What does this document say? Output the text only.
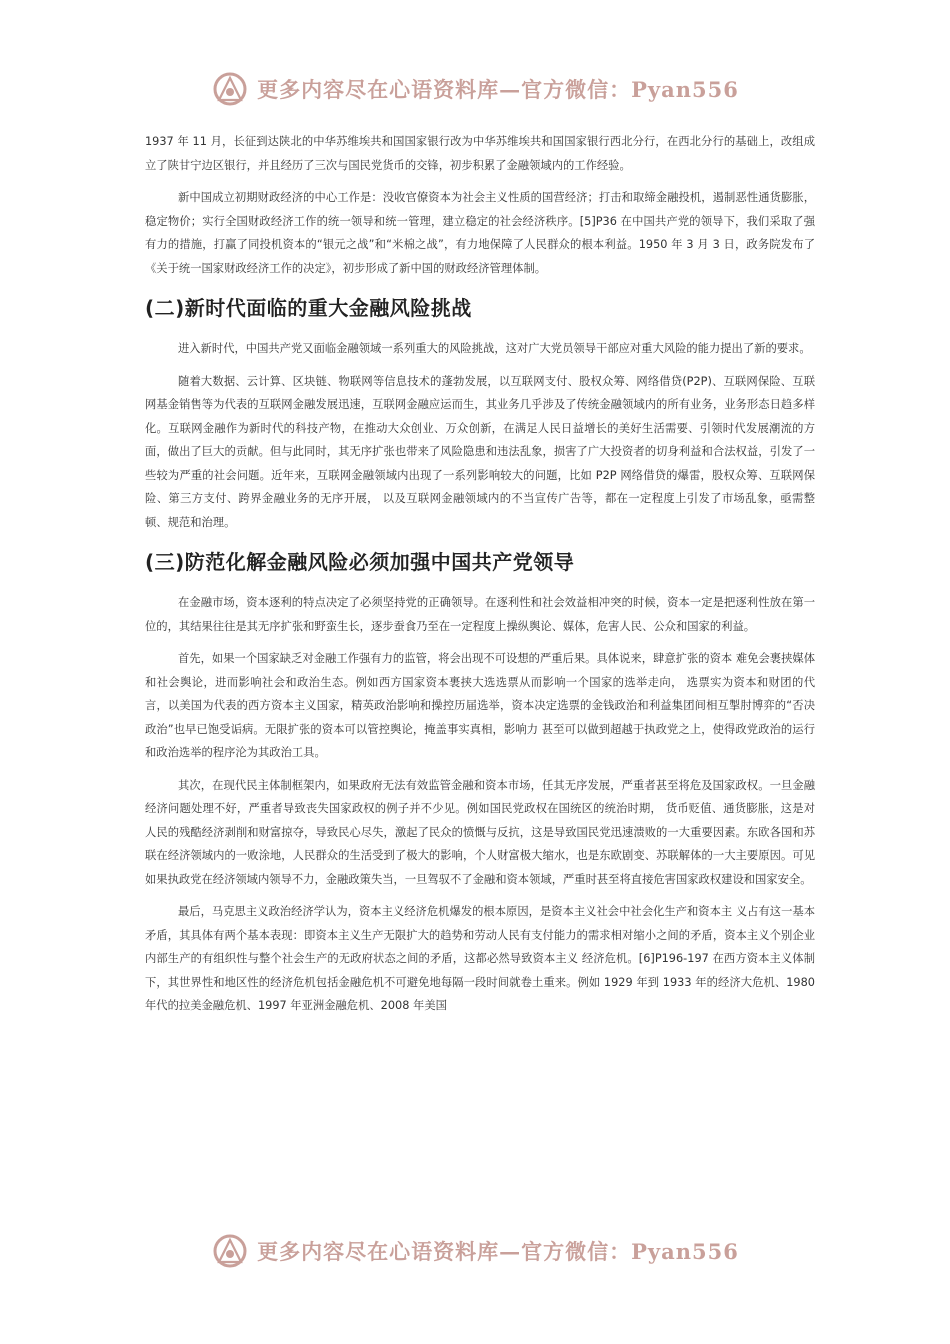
更多内容尽在心语资料库—官方微信：Pyan556

1937 年 11 月，长征到达陕北的中华苏维埃共和国国家银行改为中华苏维埃共和国国家银行西北分行，在西北分行的基础上，改组成立了陕甘宁边区银行，并且经历了三次与国民党货币的交锋，初步积累了金融领域内的工作经验。

新中国成立初期财政经济的中心工作是：没收官僚资本为社会主义性质的国营经济；打击和取缔金融投机，遏制恶性通货膨胀，稳定物价；实行全国财政经济工作的统一领导和统一管理，建立稳定的社会经济秩序。[5]P36 在中国共产党的领导下，我们采取了强有力的措施，打赢了同投机资本的“银元之战”和“米棉之战”，有力地保障了人民群众的根本利益。1950 年 3 月 3 日，政务院发布了《关于统一国家财政经济工作的决定》，初步形成了新中国的财政经济管理体制。

(二)新时代面临的重大金融风险挑战

进入新时代，中国共产党又面临金融领域一系列重大的风险挑战，这对广大党员领导干部应对重大风险的能力提出了新的要求。

随着大数据、云计算、区块链、物联网等信息技术的蓬勃发展，以互联网支付、股权众筹、网络借贷(P2P)、互联网保险、互联网基金销售等为代表的互联网金融发展迅速，互联网金融应运而生，其业务几乎涉及了传统金融领域内的所有业务，业务形态日趋多样化。互联网金融作为新时代的科技产物，在推动大众创业、万众创新，在满足人民日益增长的美好生活需要、引领时代发展潮流的方面，做出了巨大的贡献。但与此同时，其无序扩张也带来了风险隐患和违法乱象，损害了广大投资者的切身利益和合法权益，引发了一些较为严重的社会问题。近年来，互联网金融领域内出现了一系列影响较大的问题，比如 P2P 网络借贷的爆雷，股权众筹、互联网保险、第三方支付、跨界金融业务的无序开展， 以及互联网金融领域内的不当宣传广告等，都在一定程度上引发了市场乱象，亟需整顿、规范和治理。

(三)防范化解金融风险必须加强中国共产党领导

在金融市场，资本逐利的特点决定了必须坚持党的正确领导。在逐利性和社会效益相冲突的时候，资本一定是把逐利性放在第一位的，其结果往往是其无序扩张和野蛮生长，逐步蚕食乃至在一定程度上操纵舆论、媒体，危害人民、公众和国家的利益。

首先，如果一个国家缺乏对金融工作强有力的监管，将会出现不可设想的严重后果。具体说来，肆意扩张的资本 难免会裹挟媒体和社会舆论，进而影响社会和政治生态。例如西方国家资本裹挟大选选票从而影响一个国家的选举走向， 选票实为资本和财团的代言，以美国为代表的西方资本主义国家，精英政治影响和操控历届选举，资本决定选票的金钱政治和利益集团间相互掣肘博弈的“否决政治”也早已饱受诟病。无限扩张的资本可以管控舆论，掩盖事实真相，影响力 甚至可以做到超越于执政党之上，使得政党政治的运行和政治选举的程序沦为其政治工具。

其次，在现代民主体制框架内，如果政府无法有效监管金融和资本市场，任其无序发展，严重者甚至将危及国家政权。一旦金融经济问题处理不好，严重者导致丧失国家政权的例子并不少见。例如国民党政权在国统区的统治时期， 货币贬值、通货膨胀，这是对人民的残酷经济剥削和财富掠夺，导致民心尽失，激起了民众的愤慨与反抗，这是导致国民党迅速溃败的一大重要因素。东欧各国和苏联在经济领域内的一败涂地，人民群众的生活受到了极大的影响，个人财富极大缩水，也是东欧剧变、苏联解体的一大主要原因。可见如果执政党在经济领域内领导不力，金融政策失当，一旦驾驭不了金融和资本领域，严重时甚至将直接危害国家政权建设和国家安全。

最后，马克思主义政治经济学认为，资本主义经济危机爆发的根本原因，是资本主义社会中社会化生产和资本主 义占有这一基本矛盾，其具体有两个基本表现：即资本主义生产无限扩大的趋势和劳动人民有支付能力的需求相对缩小之间的矛盾，资本主义个别企业内部生产的有组织性与整个社会生产的无政府状态之间的矛盾，这都必然导致资本主义 经济危机。[6]P196-197 在西方资本主义体制下，其世界性和地区性的经济危机包括金融危机不可避免地每隔一段时间就卷土重来。例如 1929 年到 1933 年的经济大危机、1980 年代的拉美金融危机、1997 年亚洲金融危机、2008 年美国

更多内容尽在心语资料库—官方微信：Pyan556
